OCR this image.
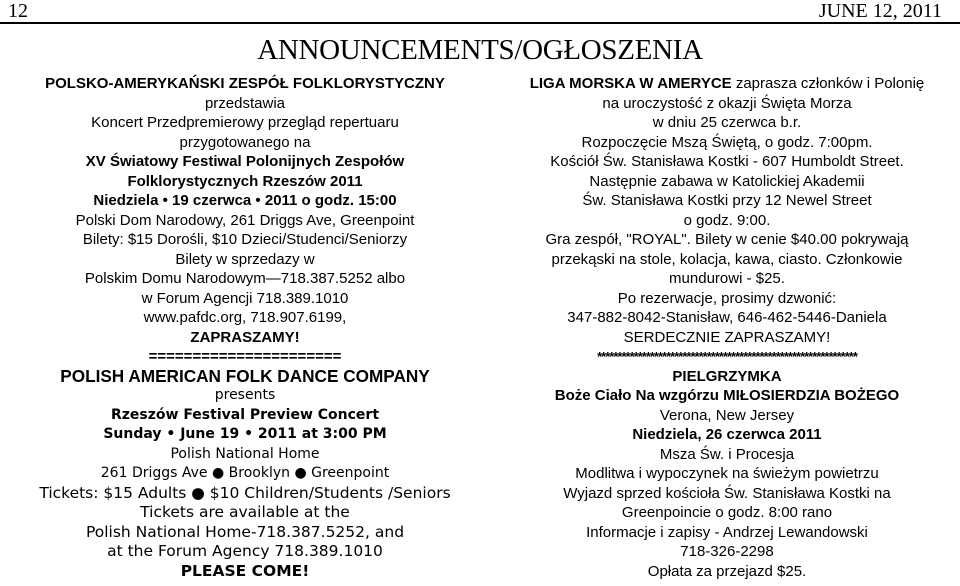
12	JUNE 12, 2011
ANNOUNCEMENTS/OGŁOSZENIA
POLSKO-AMERYKAŃSKI ZESPÓŁ FOLKLORYSTYCZNY
przedstawia
Koncert Przedpremierowy przegląd repertuaru
przygotowanego na
XV Światowy Festiwal Polonijnych Zespołów
Folklorystycznych Rzeszów 2011
Niedziela • 19 czerwca • 2011 o godz. 15:00
Polski Dom Narodowy, 261 Driggs Ave, Greenpoint
Bilety: $15 Dorośli, $10 Dzieci/Studenci/Seniorzy
Bilety w sprzedazy w
Polskim Domu Narodowym—718.387.5252 albo
w Forum Agencji 718.389.1010
www.pafdc.org, 718.907.6199,
ZAPRASZAMY!
======================
POLISH AMERICAN FOLK DANCE COMPANY
presents
Rzeszów Festival Preview Concert
Sunday • June 19 • 2011 at 3:00 PM
Polish National Home
261 Driggs Ave ● Brooklyn ● Greenpoint
Tickets: $15 Adults ● $10 Children/Students /Seniors
Tickets are available at the
Polish National Home-718.387.5252, and
at the Forum Agency 718.389.1010
PLEASE COME!
LIGA MORSKA W AMERYCE zaprasza członków i Polonię
na uroczystość z okazji Święta Morza
w dniu 25 czerwca b.r.
Rozpoczęcie Mszą Świętą, o godz. 7:00pm.
Kościół Św. Stanisława Kostki - 607 Humboldt Street.
Następnie zabawa w Katolickiej Akademii
Św. Stanisława Kostki przy 12 Newel Street
o godz. 9:00.
Gra zespół, "ROYAL". Bilety w cenie $40.00 pokrywają
przekąski na stole, kolacja, kawa, ciasto. Członkowie
mundurowi - $25.
Po rezerwacje, prosimy dzwonić:
347-882-8042-Stanisław, 646-462-5446-Daniela
SERDECZNIE ZAPRASZAMY!
****************************************************************
PIELGRZYMKA
Boże Ciało Na wzgórzu MIŁOSIERDZIA BOŻEGO
Verona, New Jersey
Niedziela, 26 czerwca 2011
Msza Św. i Procesja
Modlitwa i wypoczynek na świeżym powietrzu
Wyjazd sprzed kościoła Św. Stanisława Kostki na
Greenpoincie o godz. 8:00 rano
Informacje i zapisy - Andrzej Lewandowski
718-326-2298
Opłata za przejazd $25.
